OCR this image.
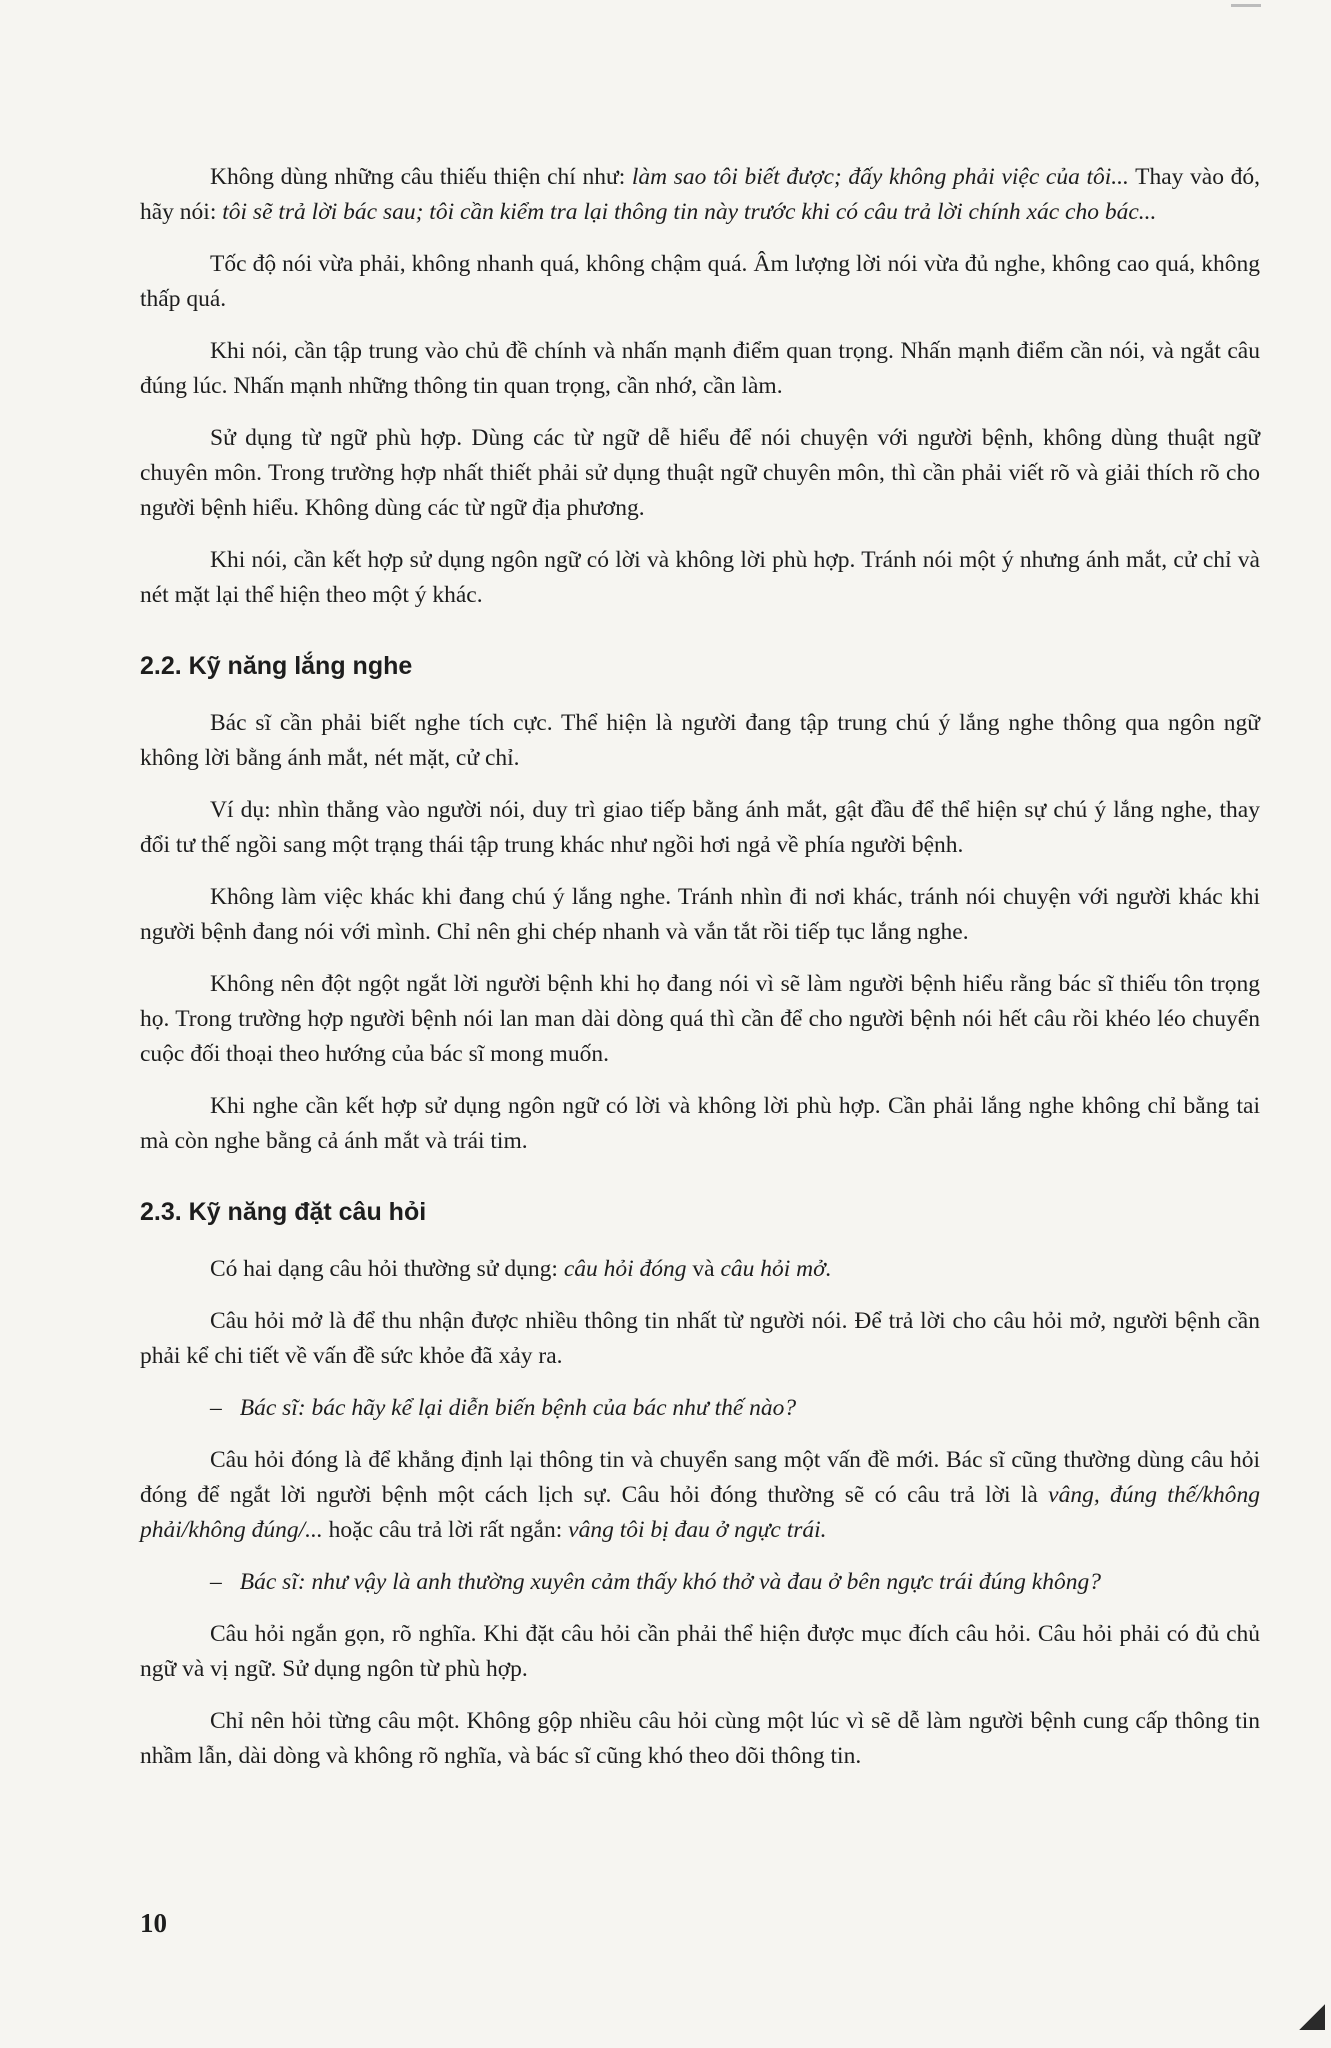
Không dùng những câu thiếu thiện chí như: làm sao tôi biết được; đấy không phải việc của tôi... Thay vào đó, hãy nói: tôi sẽ trả lời bác sau; tôi cần kiểm tra lại thông tin này trước khi có câu trả lời chính xác cho bác...

Tốc độ nói vừa phải, không nhanh quá, không chậm quá. Âm lượng lời nói vừa đủ nghe, không cao quá, không thấp quá.

Khi nói, cần tập trung vào chủ đề chính và nhấn mạnh điểm quan trọng. Nhấn mạnh điểm cần nói, và ngắt câu đúng lúc. Nhấn mạnh những thông tin quan trọng, cần nhớ, cần làm.

Sử dụng từ ngữ phù hợp. Dùng các từ ngữ dễ hiểu để nói chuyện với người bệnh, không dùng thuật ngữ chuyên môn. Trong trường hợp nhất thiết phải sử dụng thuật ngữ chuyên môn, thì cần phải viết rõ và giải thích rõ cho người bệnh hiểu. Không dùng các từ ngữ địa phương.

Khi nói, cần kết hợp sử dụng ngôn ngữ có lời và không lời phù hợp. Tránh nói một ý nhưng ánh mắt, cử chỉ và nét mặt lại thể hiện theo một ý khác.

2.2. Kỹ năng lắng nghe

Bác sĩ cần phải biết nghe tích cực. Thể hiện là người đang tập trung chú ý lắng nghe thông qua ngôn ngữ không lời bằng ánh mắt, nét mặt, cử chỉ.

Ví dụ: nhìn thẳng vào người nói, duy trì giao tiếp bằng ánh mắt, gật đầu để thể hiện sự chú ý lắng nghe, thay đổi tư thế ngồi sang một trạng thái tập trung khác như ngồi hơi ngả về phía người bệnh.

Không làm việc khác khi đang chú ý lắng nghe. Tránh nhìn đi nơi khác, tránh nói chuyện với người khác khi người bệnh đang nói với mình. Chỉ nên ghi chép nhanh và vắn tắt rồi tiếp tục lắng nghe.

Không nên đột ngột ngắt lời người bệnh khi họ đang nói vì sẽ làm người bệnh hiểu rằng bác sĩ thiếu tôn trọng họ. Trong trường hợp người bệnh nói lan man dài dòng quá thì cần để cho người bệnh nói hết câu rồi khéo léo chuyển cuộc đối thoại theo hướng của bác sĩ mong muốn.

Khi nghe cần kết hợp sử dụng ngôn ngữ có lời và không lời phù hợp. Cần phải lắng nghe không chỉ bằng tai mà còn nghe bằng cả ánh mắt và trái tim.

2.3. Kỹ năng đặt câu hỏi

Có hai dạng câu hỏi thường sử dụng: câu hỏi đóng và câu hỏi mở.

Câu hỏi mở là để thu nhận được nhiều thông tin nhất từ người nói. Để trả lời cho câu hỏi mở, người bệnh cần phải kể chi tiết về vấn đề sức khỏe đã xảy ra.

– Bác sĩ: bác hãy kể lại diễn biến bệnh của bác như thế nào?

Câu hỏi đóng là để khẳng định lại thông tin và chuyển sang một vấn đề mới. Bác sĩ cũng thường dùng câu hỏi đóng để ngắt lời người bệnh một cách lịch sự. Câu hỏi đóng thường sẽ có câu trả lời là vâng, đúng thế/không phải/không đúng/... hoặc câu trả lời rất ngắn: vâng tôi bị đau ở ngực trái.

– Bác sĩ: như vậy là anh thường xuyên cảm thấy khó thở và đau ở bên ngực trái đúng không?

Câu hỏi ngắn gọn, rõ nghĩa. Khi đặt câu hỏi cần phải thể hiện được mục đích câu hỏi. Câu hỏi phải có đủ chủ ngữ và vị ngữ. Sử dụng ngôn từ phù hợp.

Chỉ nên hỏi từng câu một. Không gộp nhiều câu hỏi cùng một lúc vì sẽ dễ làm người bệnh cung cấp thông tin nhầm lẫn, dài dòng và không rõ nghĩa, và bác sĩ cũng khó theo dõi thông tin.

10
